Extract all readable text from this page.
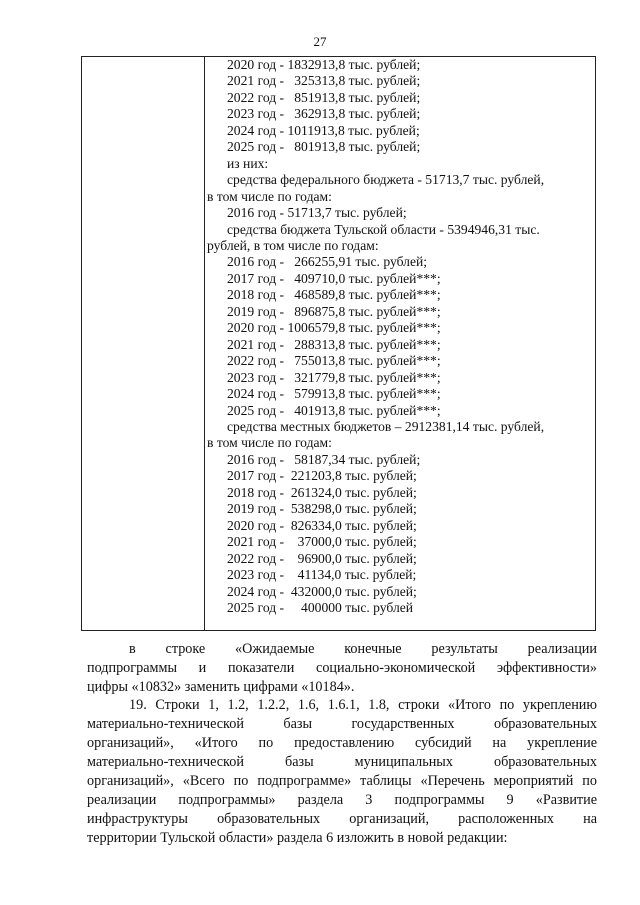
27
2020 год - 1832913,8 тыс. рублей;
2021 год -   325313,8 тыс. рублей;
2022 год -   851913,8 тыс. рублей;
2023 год -   362913,8 тыс. рублей;
2024 год - 1011913,8 тыс. рублей;
2025 год -   801913,8 тыс. рублей;
из них:
средства федерального бюджета - 51713,7 тыс. рублей,
в том числе по годам:
2016 год - 51713,7 тыс. рублей;
средства бюджета Тульской области - 5394946,31 тыс.
рублей, в том числе по годам:
2016 год -   266255,91 тыс. рублей;
2017 год -   409710,0 тыс. рублей***;
2018 год -   468589,8 тыс. рублей***;
2019 год -   896875,8 тыс. рублей***;
2020 год - 1006579,8 тыс. рублей***;
2021 год -   288313,8 тыс. рублей***;
2022 год -   755013,8 тыс. рублей***;
2023 год -   321779,8 тыс. рублей***;
2024 год -   579913,8 тыс. рублей***;
2025 год -   401913,8 тыс. рублей***;
средства местных бюджетов – 2912381,14 тыс. рублей,
в том числе по годам:
2016 год -   58187,34 тыс. рублей;
2017 год -  221203,8 тыс. рублей;
2018 год -  261324,0 тыс. рублей;
2019 год -  538298,0 тыс. рублей;
2020 год -  826334,0 тыс. рублей;
2021 год -    37000,0 тыс. рублей;
2022 год -    96900,0 тыс. рублей;
2023 год -    41134,0 тыс. рублей;
2024 год -  432000,0 тыс. рублей;
2025 год -     400000 тыс. рублей
в строке «Ожидаемые конечные результаты реализации
подпрограммы и показатели социально-экономической эффективности»
цифры «10832» заменить цифрами «10184».
19. Строки 1, 1.2, 1.2.2, 1.6, 1.6.1, 1.8, строки «Итого по укреплению
материально-технической базы государственных образовательных
организаций», «Итого по предоставлению субсидий на укрепление
материально-технической базы муниципальных образовательных
организаций», «Всего по подпрограмме» таблицы «Перечень мероприятий по
реализации подпрограммы» раздела 3 подпрограммы 9 «Развитие
инфраструктуры образовательных организаций, расположенных на
территории Тульской области» раздела 6 изложить в новой редакции:
